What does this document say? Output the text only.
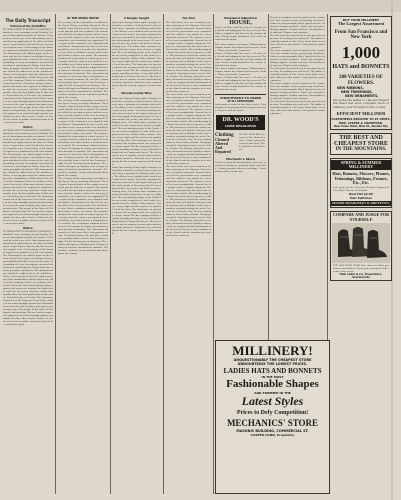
The Daily Transcript
Entered at the Postoffice
BY TRANSCRIPT PUBLISHING COMPANY. Published every morning except Monday. Terms of subscription payable in advance. Delivered by carrier per week. Advertising rates furnished on application at the office on Main street. Legal notices and sheriff sales inserted at regular rates. Proceedings of the board of supervisors published in full each month. The Transcript is the official paper of the county and has the largest circulation of any paper published in this section of the state. Job printing of every description executed with neatness and dispatch. Orders from the country promptly attended to. All communications should be addressed to the publishers. Notice is hereby given that the annual meeting of the stockholders will be held at the office of the company. Notice to creditors of the estate deceased, all persons having claims against said estate are required to exhibit them with the necessary vouchers within four months after the first publication of this notice. Dated this day at Nevada City. Summons issued out of the Superior Court of the county in an action brought against the defendant to recover the sum of money due upon a promissory note. The people of the State of California send greeting. You are hereby required to appear in an action brought against you within ten days after service. Notice of sale of real estate at public auction in front of the court house door.
Notice
BY TRANSCRIPT PUBLISHING COMPANY. Published every morning except Monday. Terms of subscription payable in advance. Delivered by carrier per week. Advertising rates furnished on application at the office on Main street. Legal notices and sheriff sales inserted at regular rates. Proceedings of the board of supervisors published in full each month. The Transcript is the official paper of the county and has the largest circulation of any paper published in this section of the state. Job printing of every description executed with neatness and dispatch. Orders from the country promptly attended to. All communications should be addressed to the publishers. Notice is hereby given that the annual meeting of the stockholders will be held at the office of the company. Notice to creditors of the estate deceased, all persons having claims against said estate are required to exhibit them with the necessary vouchers within four months after the first publication of this notice. Dated this day at Nevada City. Summons issued out of the Superior Court of the county in an action brought against the defendant to recover the sum of money due upon a promissory note. The people of the State of California send greeting. You are hereby required to appear in an action brought against you within ten days after service. Notice of sale of real estate at public auction in front of the court house door.
Notice
BY TRANSCRIPT PUBLISHING COMPANY. Published every morning except Monday. Terms of subscription payable in advance. Delivered by carrier per week. Advertising rates furnished on application at the office on Main street. Legal notices and sheriff sales inserted at regular rates. Proceedings of the board of supervisors published in full each month. The Transcript is the official paper of the county and has the largest circulation of any paper published in this section of the state. Job printing of every description executed with neatness and dispatch. Orders from the country promptly attended to. All communications should be addressed to the publishers. Notice is hereby given that the annual meeting of the stockholders will be held at the office of the company. Notice to creditors of the estate deceased, all persons having claims against said estate are required to exhibit them with the necessary vouchers within four months after the first publication of this notice. Dated this day at Nevada City. Summons issued out of the Superior Court of the county in an action brought against the defendant to recover the sum of money due upon a promissory note. The people of the State of California send greeting. You are hereby required to appear in an action brought against you within ten days after service. Notice of sale of real estate at public auction in front of the court house door.
AT THE OPERA HOUSE
The sessions of the convention assembled in the Opera House yesterday afternoon. The delegates from all parts of the county were present and the hall was crowded. The chairman called the meeting to order and the secretary read the minutes of the last meeting. A committee on credentials was appointed. The report of the committee was adopted without debate. Nominations for the several county offices were then in order. For sheriff there were three candidates named and on the first ballot a choice was made. The nominee thanked the convention in a brief speech. For county clerk the contest was spirited. Several ballots were taken before a nomination was reached. The resolutions adopted declare in favor of economy in county government and reduction of taxation. The convention adjourned at a late hour after a harmonious session. Personal mention. Mr. and Mrs. returned yesterday from a visit to San Francisco. Judge left for Sacramento on business. The schools will open on Monday next. A large number of teachers attended the institute. The weather continues warm and pleasant throughout the county.
The sessions of the convention assembled in the Opera House yesterday afternoon. The delegates from all parts of the county were present and the hall was crowded. The chairman called the meeting to order and the secretary read the minutes of the last meeting. A committee on credentials was appointed. The report of the committee was adopted without debate. Nominations for the several county offices were then in order. For sheriff there were three candidates named and on the first ballot a choice was made. The nominee thanked the convention in a brief speech. For county clerk the contest was spirited. Several ballots were taken before a nomination was reached. The resolutions adopted declare in favor of economy in county government and reduction of taxation. The convention adjourned at a late hour after a harmonious session. Personal mention. Mr. and Mrs. returned yesterday from a visit to San Francisco. Judge left for Sacramento on business. The schools will open on Monday next. A large number of teachers attended the institute. The weather continues warm and pleasant throughout the county.
The sessions of the convention assembled in the Opera House yesterday afternoon. The delegates from all parts of the county were present and the hall was crowded. The chairman called the meeting to order and the secretary read the minutes of the last meeting. A committee on credentials was appointed. The report of the committee was adopted without debate. Nominations for the several county offices were then in order. For sheriff there were three candidates named and on the first ballot a choice was made. The nominee thanked the convention in a brief speech. For county clerk the contest was spirited. Several ballots were taken before a nomination was reached. The resolutions adopted declare in favor of economy in county government and reduction of taxation. The convention adjourned at a late hour after a harmonious session. Personal mention. Mr. and Mrs. returned yesterday from a visit to San Francisco. Judge left for Sacramento on business. The schools will open on Monday next. A large number of teachers attended the institute. The weather continues warm and pleasant throughout the county.
A Burglar Caught
Some time during Friday night a burglar entered the residence on Broad street and carried away a quantity of clothing and jewelry. The officers were notified and a watch was kept on the trains. Yesterday morning the man was arrested at the depot with part of the stolen goods in his possession. He was taken before the justice and held to answer. Mining news. The Idaho mine continues to yield well and a large force of men is employed. The new hoisting works at the North Star are nearly completed. A rich strike is reported from the Willow Valley district. The ore assays high and the owners are jubilant. Local brevities. The band gave an open air concert last evening which was enjoyed by a large crowd. The fire company held its regular monthly meeting. A new sidewalk is being laid on Commercial street. The city trustees met in regular session and transacted routine business. Warrants were ordered drawn for the current expenses of the month.
Nevada County Wins
Some time during Friday night a burglar entered the residence on Broad street and carried away a quantity of clothing and jewelry. The officers were notified and a watch was kept on the trains. Yesterday morning the man was arrested at the depot with part of the stolen goods in his possession. He was taken before the justice and held to answer. Mining news. The Idaho mine continues to yield well and a large force of men is employed. The new hoisting works at the North Star are nearly completed. A rich strike is reported from the Willow Valley district. The ore assays high and the owners are jubilant. Local brevities. The band gave an open air concert last evening which was enjoyed by a large crowd. The fire company held its regular monthly meeting. A new sidewalk is being laid on Commercial street. The city trustees met in regular session and transacted routine business. Warrants were ordered drawn for the current expenses of the month.
Some time during Friday night a burglar entered the residence on Broad street and carried away a quantity of clothing and jewelry. The officers were notified and a watch was kept on the trains. Yesterday morning the man was arrested at the depot with part of the stolen goods in his possession. He was taken before the justice and held to answer. Mining news. The Idaho mine continues to yield well and a large force of men is employed. The new hoisting works at the North Star are nearly completed. A rich strike is reported from the Willow Valley district. The ore assays high and the owners are jubilant. Local brevities. The band gave an open air concert last evening which was enjoyed by a large crowd. The fire company held its regular monthly meeting. A new sidewalk is being laid on Commercial street. The city trustees met in regular session and transacted routine business. Warrants were ordered drawn for the current expenses of the month.
The Trial
The trial of the case was resumed yesterday morning in the Superior Court before a crowded courtroom. Several witnesses for the prosecution were examined and the evidence was mostly of a circumstantial character. The defense reserved its cross examination. Counsel for the people made a lengthy argument. The jury was instructed by the court and retired at four o'clock. After deliberating for about two hours they returned a verdict. The prisoner received the verdict without any show of emotion. Sentence will be pronounced on Monday. Real estate transfers recorded during the week. Deed to lot in Nevada City. Deed to mining claim in Grass Valley district. Mortgage recorded. Marriage licenses issued. Births. Deaths. The funeral took place yesterday afternoon from the family residence and was largely attended by friends of the deceased. Services were conducted at the church and the remains were interred in the cemetery.
The trial of the case was resumed yesterday morning in the Superior Court before a crowded courtroom. Several witnesses for the prosecution were examined and the evidence was mostly of a circumstantial character. The defense reserved its cross examination. Counsel for the people made a lengthy argument. The jury was instructed by the court and retired at four o'clock. After deliberating for about two hours they returned a verdict. The prisoner received the verdict without any show of emotion. Sentence will be pronounced on Monday. Real estate transfers recorded during the week. Deed to lot in Nevada City. Deed to mining claim in Grass Valley district. Mortgage recorded. Marriage licenses issued. Births. Deaths. The funeral took place yesterday afternoon from the family residence and was largely attended by friends of the deceased. Services were conducted at the church and the remains were interred in the cemetery.
The trial of the case was resumed yesterday morning in the Superior Court before a crowded courtroom. Several witnesses for the prosecution were examined and the evidence was mostly of a circumstantial character. The defense reserved its cross examination. Counsel for the people made a lengthy argument. The jury was instructed by the court and retired at four o'clock. After deliberating for about two hours they returned a verdict. The prisoner received the verdict without any show of emotion. Sentence will be pronounced on Monday. Real estate transfers recorded during the week. Deed to lot in Nevada City. Deed to mining claim in Grass Valley district. Mortgage recorded. Marriage licenses issued. Births. Deaths. The funeral took place yesterday afternoon from the family residence and was largely attended by friends of the deceased. Services were conducted at the church and the remains were interred in the cemetery.
Standard Adjustion
HOUSE,
Corner of Main and Pine streets. Nevada City. Board and lodging by the day or week. The table is supplied with the best the market affords. Rooms neatly furnished. Free coach to and from the depot.
Fine wines liquors and cigars. Billiard parlor. Sample rooms for commercial travelers. Baths. Terms reasonable. Proprietor.
Corner of Main and Pine streets. Nevada City. Board and lodging by the day or week. The table is supplied with the best the market affords. Rooms neatly furnished. Free coach to and from the depot.
Fine wines liquors and cigars. Billiard parlor. Sample rooms for commercial travelers. Baths. Terms reasonable. Proprietor.
Corner of Main and Pine streets. Nevada City. Board and lodging by the day or week. The table is supplied with the best the market affords. Rooms neatly furnished. Free coach to and from the depot.
STRAUTFORD'S TO ORDER
AT ALL OPERATIONS
Suits made to order in the latest styles. Fit guaranteed. Repairing and cleaning neatly done. Prices to suit the times.
DR. WOOD'S
LIVER REGULATOR
Clothing
Cleaned
Altered
And
Repaired
IN THE VERY BEST manner at the shortest notice. Ladies garments cleaned and dyed. Work called for and delivered.
Mechanic's Store
Dealers in general merchandise, groceries, provisions, hardware, crockery, boots and shoes. Country produce taken in exchange. Goods delivered free in the city.
The most complete stock of goods in the county. Call and examine before purchasing elsewhere. Orders by mail promptly filled. Agents for the celebrated sewing machines. Paints oils and glass. Mining supplies. Powder and fuse. Blacksmith coal and iron. Wagons and carriages.
The fall stock has arrived and is now open for inspection. Everything new and fresh. The public is cordially invited to call. Prices lower than ever before offered in this market. Cash paid for country produce.
The most complete stock of goods in the county. Call and examine before purchasing elsewhere. Orders by mail promptly filled. Agents for the celebrated sewing machines. Paints oils and glass. Mining supplies. Powder and fuse. Blacksmith coal and iron. Wagons and carriages.
The fall stock has arrived and is now open for inspection. Everything new and fresh. The public is cordially invited to call. Prices lower than ever before offered in this market. Cash paid for country produce.
The most complete stock of goods in the county. Call and examine before purchasing elsewhere. Orders by mail promptly filled. Agents for the celebrated sewing machines. Paints oils and glass. Mining supplies. Powder and fuse. Blacksmith coal and iron. Wagons and carriages.
The fall stock has arrived and is now open for inspection. Everything new and fresh. The public is cordially invited to call. Prices lower than ever before offered in this market. Cash paid for country produce.
MILLINERY!
UNQUESTIONABLY THE CHEAPEST STORE
UNDOUBTEDLY THE LOWEST PRICES.
LADIES HATS AND BONNETS
IN THE MOST
Fashionable Shapes
AND TRIMMED IN THE
Latest Styles
Prices to Defy Competition!
MECHANICS' STORE
MASONIC BUILDING, COMMERCIAL ST.
CASPER COHN, Proprietor
BUY YOUR MILLINERY
The Largest Assortment
From San Francisco and New York
1,000
HATS and BONNETS
200 VARIETIES OF FLOWERS.
NEW RIBBONS,
NEW TRIMMINGS,
NEW ORNAMENTS,
We invite the ladies to call and inspect the finest and most complete stock of millinery ever brought to this county.
EFFICIENT MILLINER
CARTWHEELS REDUCED TO 25 CENTS,
MRS. LESTER & CRAWFORD,
Bear Union Hotel, Main St., Nevada City
THE BEST AND CHEAPEST STORE
IN THE MOUNTAINS.
SPRING & SUMMER MILLINERY
Hats, Bonnets, Flowers, Plumes, Trimmings, Ribbons, Frames, Etc., Etc.
Sole agent for the Universal Fashion Company of New York. Patterns of all kinds.
Best Hat $2.50
Hair Switches
MOSER BOARDMAN & DREYFOUS,
COMPARE AND JUDGE FOR YOURSELF
THE ONE PRICE STORE fine shoes for ladies gentlemen and children. Every pair warranted. Sole agents. Main street.
Hall, Lakin & Co, Proprietors, Sacramento
